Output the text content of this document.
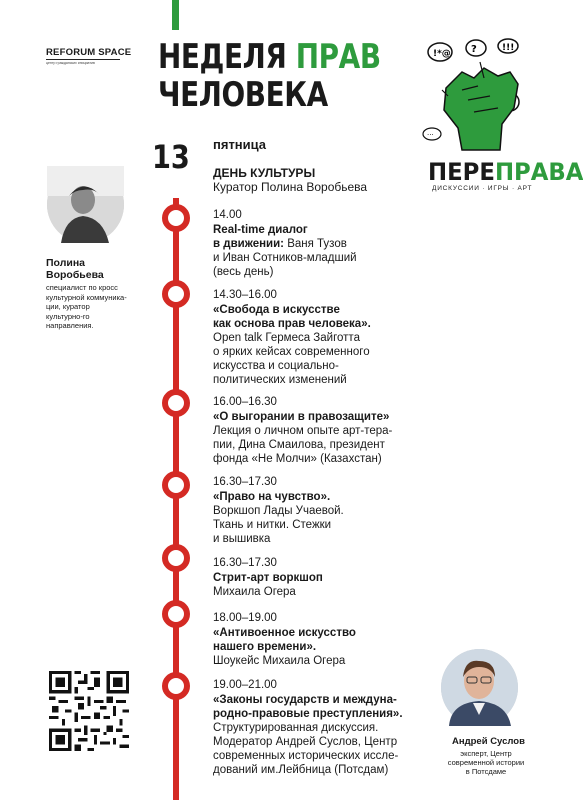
REFORUM SPACE
центр гражданских инициатив	НЕДЕЛЯ ПРАВ
ЧЕЛОВЕКА
!*@ ?	!!!
···
ПЕРЕПРАВА
ДИСКУССИИ · ИГРЫ · АРТ
13 пятница
ДЕНЬ КУЛЬТУРЫ
Куратор Полина Воробьева
Полина Воробьева
специалист по кросс культурной коммуника-ции, куратор культурно-го направления.
14.00
Real-time диалог
в движении: Ваня Тузов
и Иван Сотников-младший
(весь день)
14.30–16.00
«Свобода в искусстве
как основа прав человека».
Open talk Гермеса Зайготта
о ярких кейсах современного
искусства и социально-
политических изменений
16.00–16.30
«О выгорании в правозащите»
Лекция о личном опыте арт-тера-
пии, Дина Смаилова, президент
фонда «Не Молчи» (Казахстан)
16.30–17.30
«Право на чувство».
Воркшоп Лады Учаевой.
Ткань и нитки. Стежки
и вышивка
16.30–17.30
Стрит-арт воркшоп
Михаила Огера
18.00–19.00
«Антивоенное искусство
нашего времени».
Шоукейс Михаила Огера
19.00–21.00
«Законы государств и междуна-
родно-правовые преступления».
Структурированная дискуссия.
Модератор Андрей Суслов, Центр
современных исторических иссле-
дований им.Лейбница (Потсдам)
Андрей Суслов
эксперт, Центр современной истории в Потсдаме
